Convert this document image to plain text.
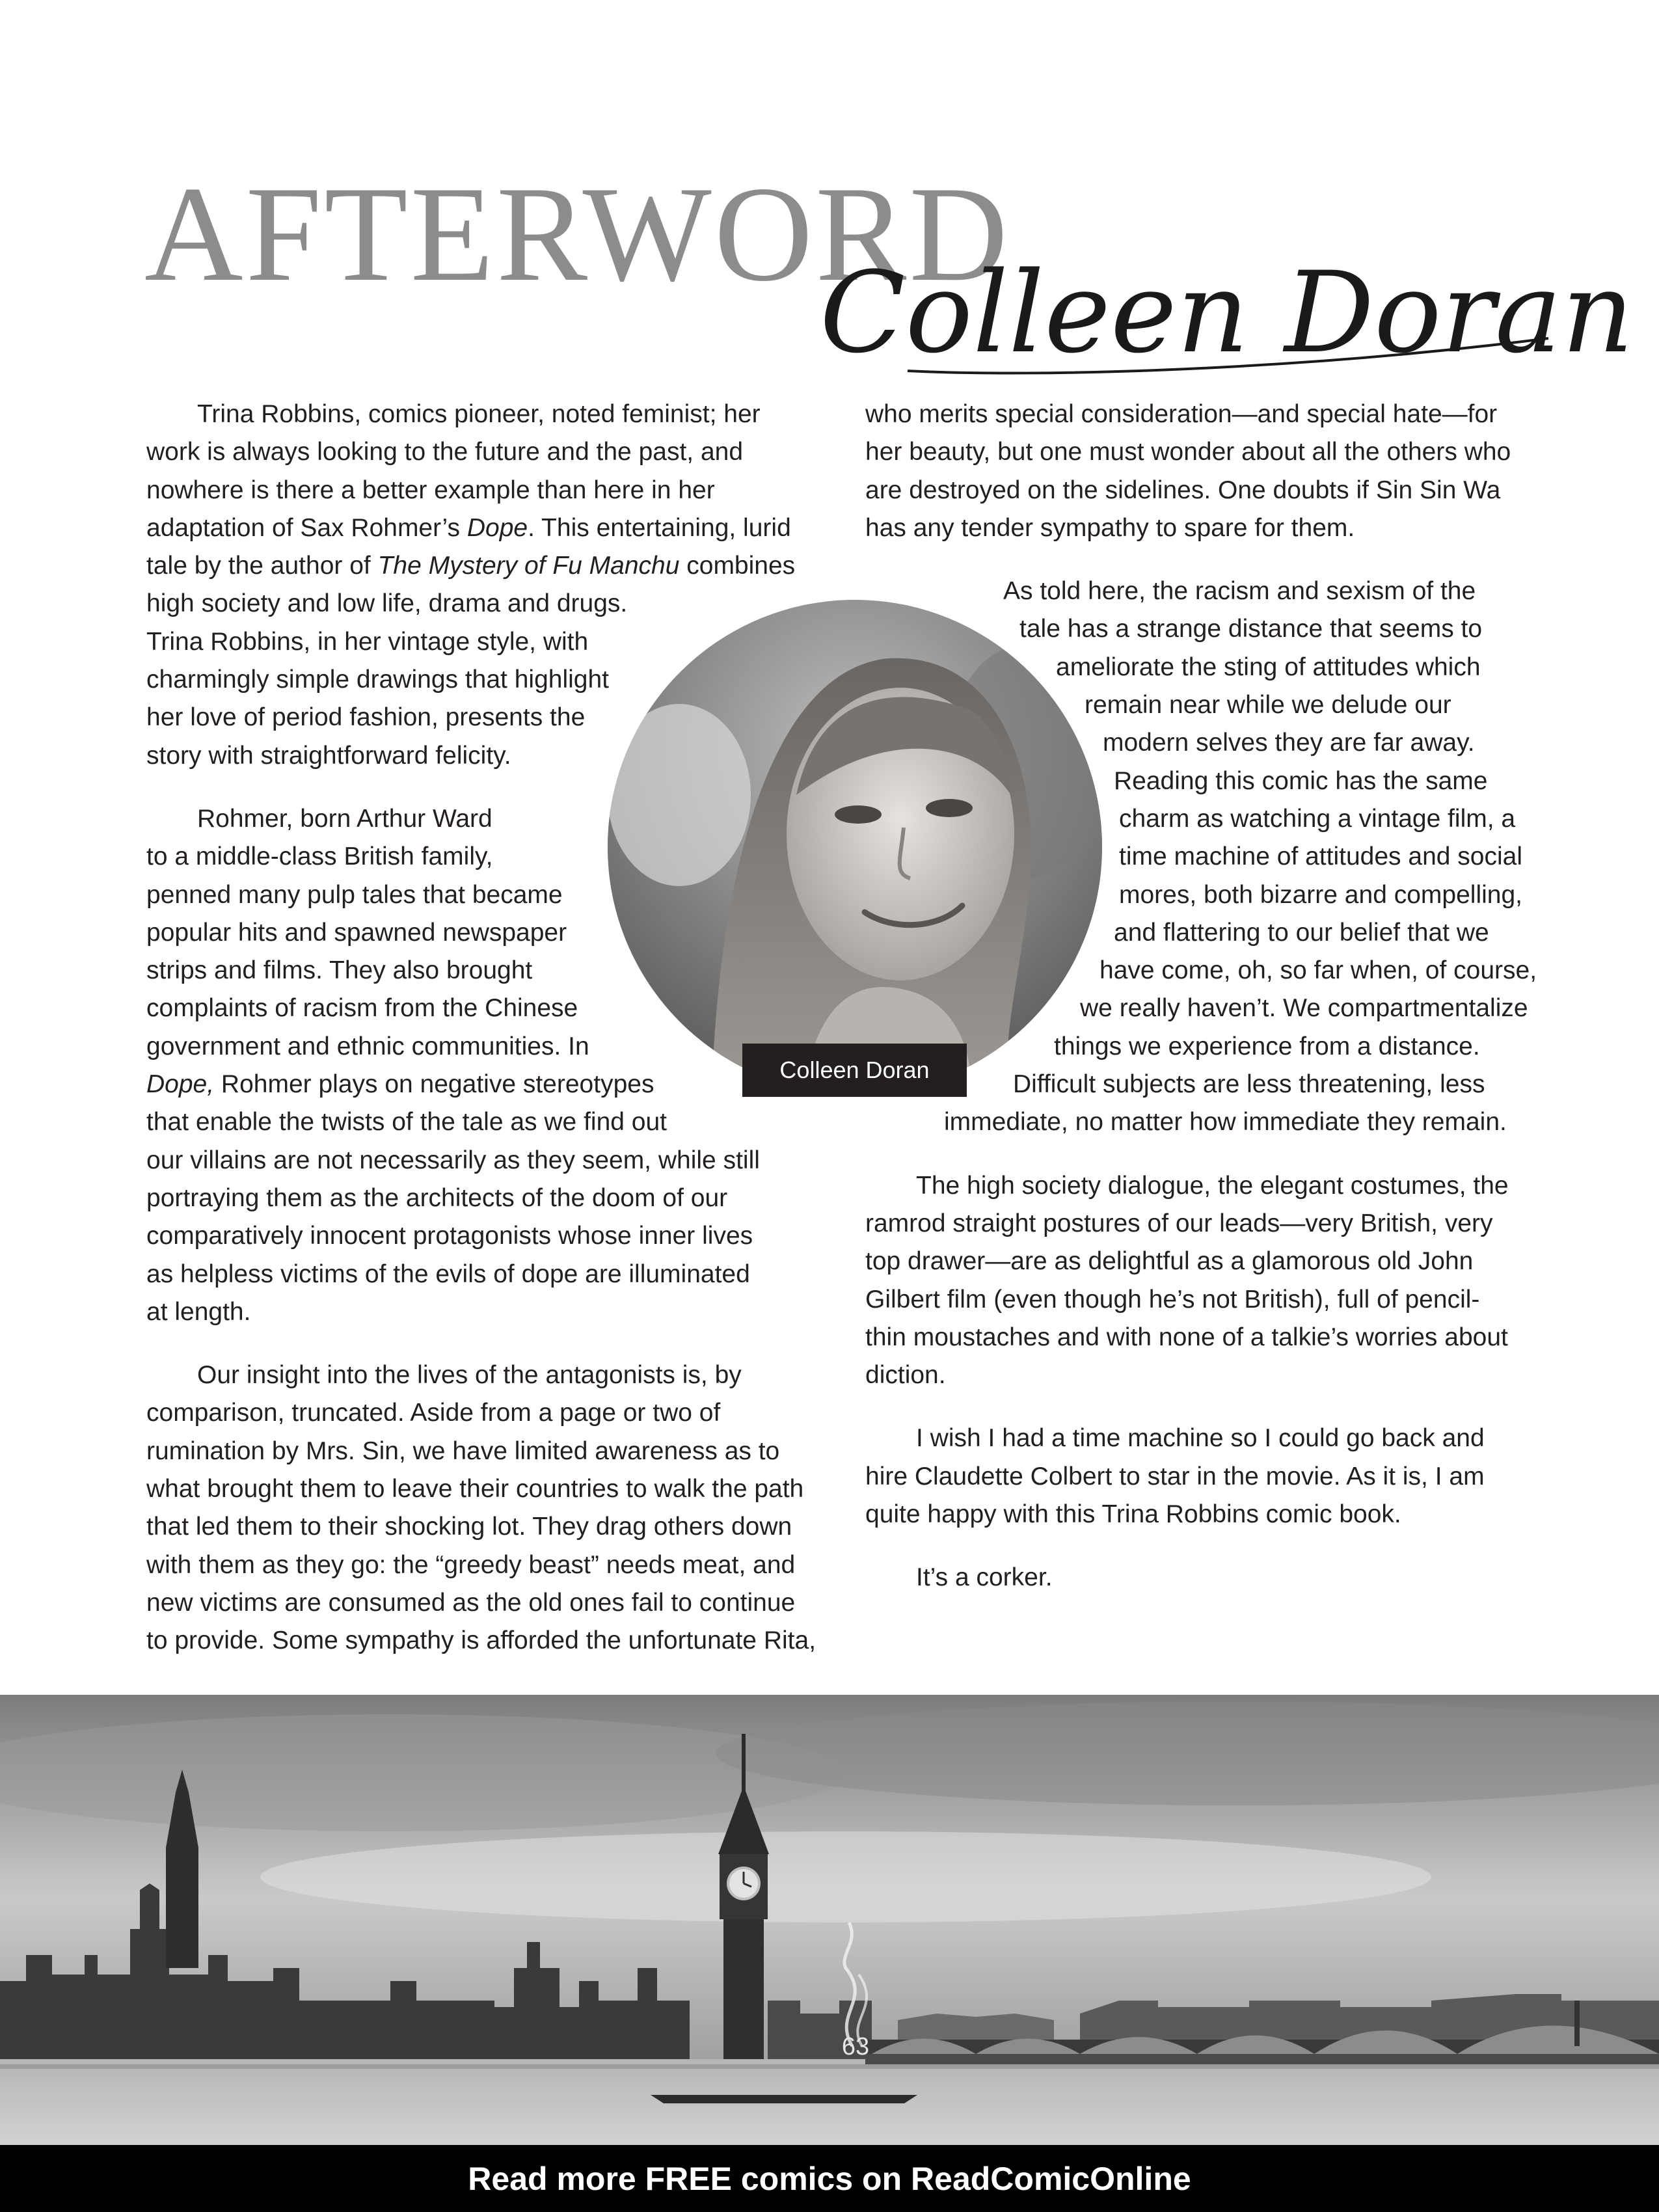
AFTERWORD
Colleen Doran

Trina Robbins, comics pioneer, noted feminist; her
work is always looking to the future and the past, and
nowhere is there a better example than here in her
adaptation of Sax Rohmer’s Dope. This entertaining, lurid
tale by the author of The Mystery of Fu Manchu combines
high society and low life, drama and drugs.
Trina Robbins, in her vintage style, with
charmingly simple drawings that highlight
her love of period fashion, presents the
story with straightforward felicity.

Rohmer, born Arthur Ward
to a middle-class British family,
penned many pulp tales that became
popular hits and spawned newspaper
strips and films. They also brought
complaints of racism from the Chinese
government and ethnic communities. In
Dope, Rohmer plays on negative stereotypes
that enable the twists of the tale as we find out
our villains are not necessarily as they seem, while still
portraying them as the architects of the doom of our
comparatively innocent protagonists whose inner lives
as helpless victims of the evils of dope are illuminated
at length.

Our insight into the lives of the antagonists is, by
comparison, truncated. Aside from a page or two of
rumination by Mrs. Sin, we have limited awareness as to
what brought them to leave their countries to walk the path
that led them to their shocking lot. They drag others down
with them as they go: the “greedy beast” needs meat, and
new victims are consumed as the old ones fail to continue
to provide. Some sympathy is afforded the unfortunate Rita,

who merits special consideration—and special hate—for
her beauty, but one must wonder about all the others who
are destroyed on the sidelines. One doubts if Sin Sin Wa
has any tender sympathy to spare for them.

As told here, the racism and sexism of the
tale has a strange distance that seems to
ameliorate the sting of attitudes which
remain near while we delude our
modern selves they are far away.
Reading this comic has the same
charm as watching a vintage film, a
time machine of attitudes and social
mores, both bizarre and compelling,
and flattering to our belief that we
have come, oh, so far when, of course,
we really haven’t. We compartmentalize
things we experience from a distance.
Difficult subjects are less threatening, less
immediate, no matter how immediate they remain.

The high society dialogue, the elegant costumes, the
ramrod straight postures of our leads—very British, very
top drawer—are as delightful as a glamorous old John
Gilbert film (even though he’s not British), full of pencil-
thin moustaches and with none of a talkie’s worries about
diction.

I wish I had a time machine so I could go back and
hire Claudette Colbert to star in the movie. As it is, I am
quite happy with this Trina Robbins comic book.

It’s a corker.

Colleen Doran
63
Read more FREE comics on ReadComicOnline
